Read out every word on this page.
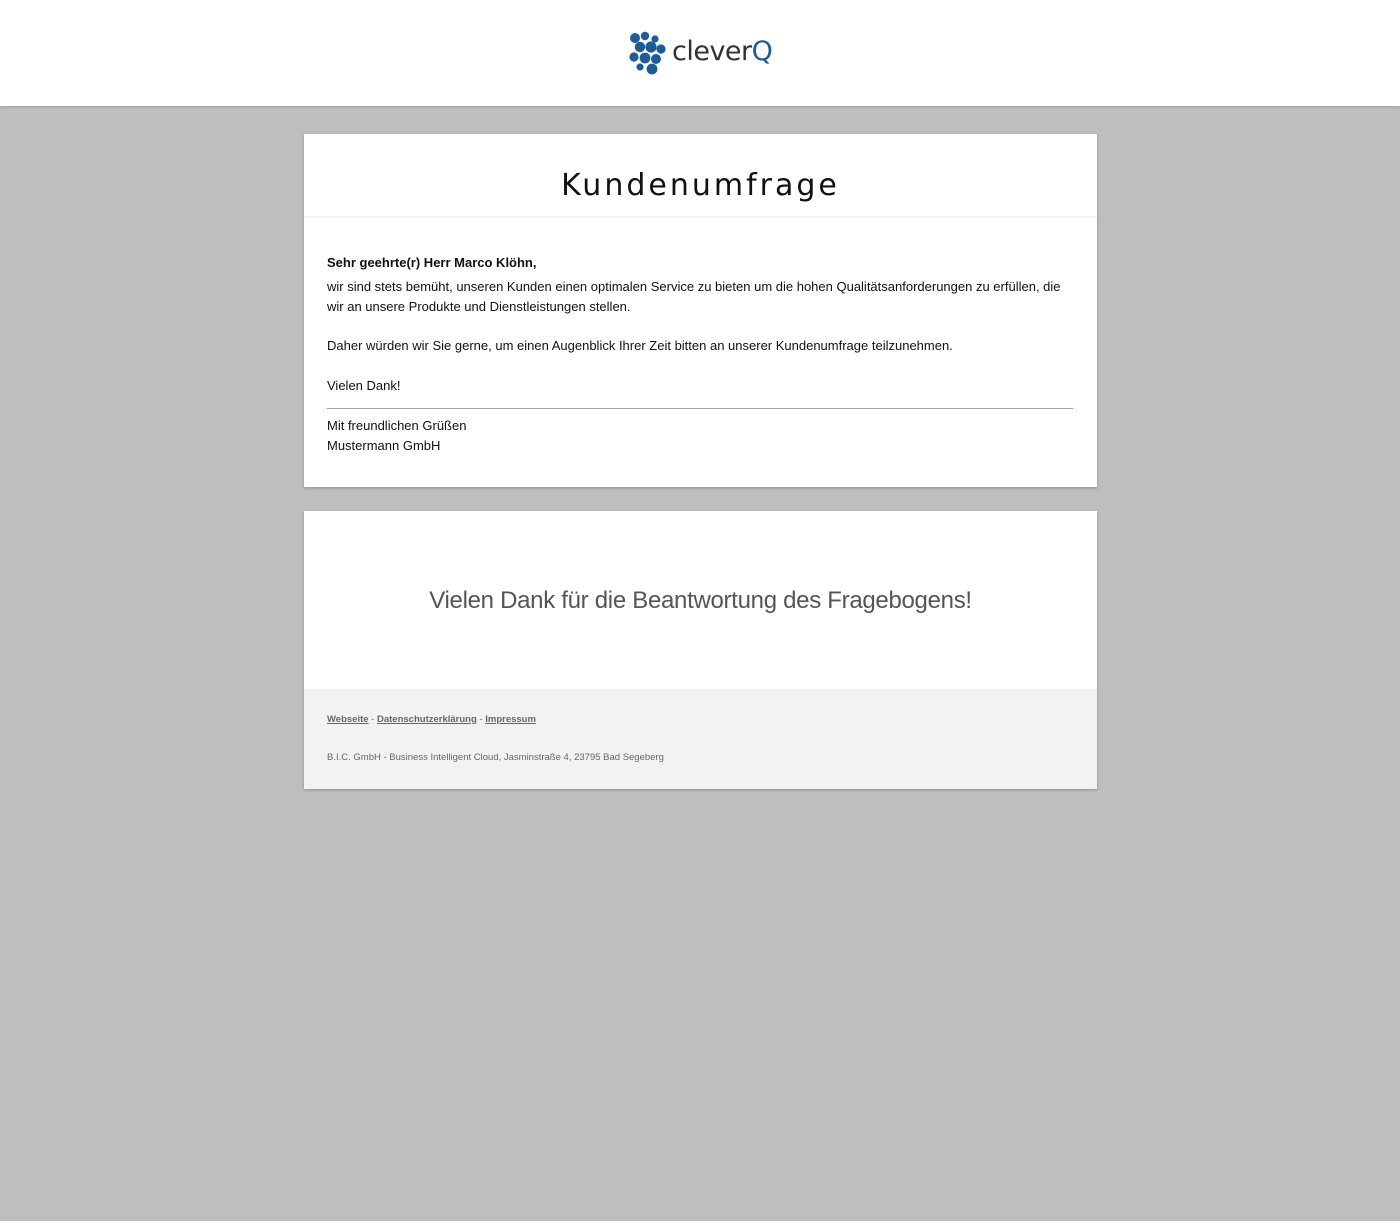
cleverQ
Kundenumfrage
Sehr geehrte(r) Herr Marco Klöhn,
wir sind stets bemüht, unseren Kunden einen optimalen Service zu bieten um die hohen Qualitätsanforderungen zu erfüllen, die wir an unsere Produkte und Dienstleistungen stellen.
Daher würden wir Sie gerne, um einen Augenblick Ihrer Zeit bitten an unserer Kundenumfrage teilzunehmen.
Vielen Dank!
Mit freundlichen Grüßen
Mustermann GmbH
Vielen Dank für die Beantwortung des Fragebogens!
Webseite - Datenschutzerklärung - Impressum
B.I.C. GmbH - Business Intelligent Cloud, Jasminstraße 4, 23795 Bad Segeberg
